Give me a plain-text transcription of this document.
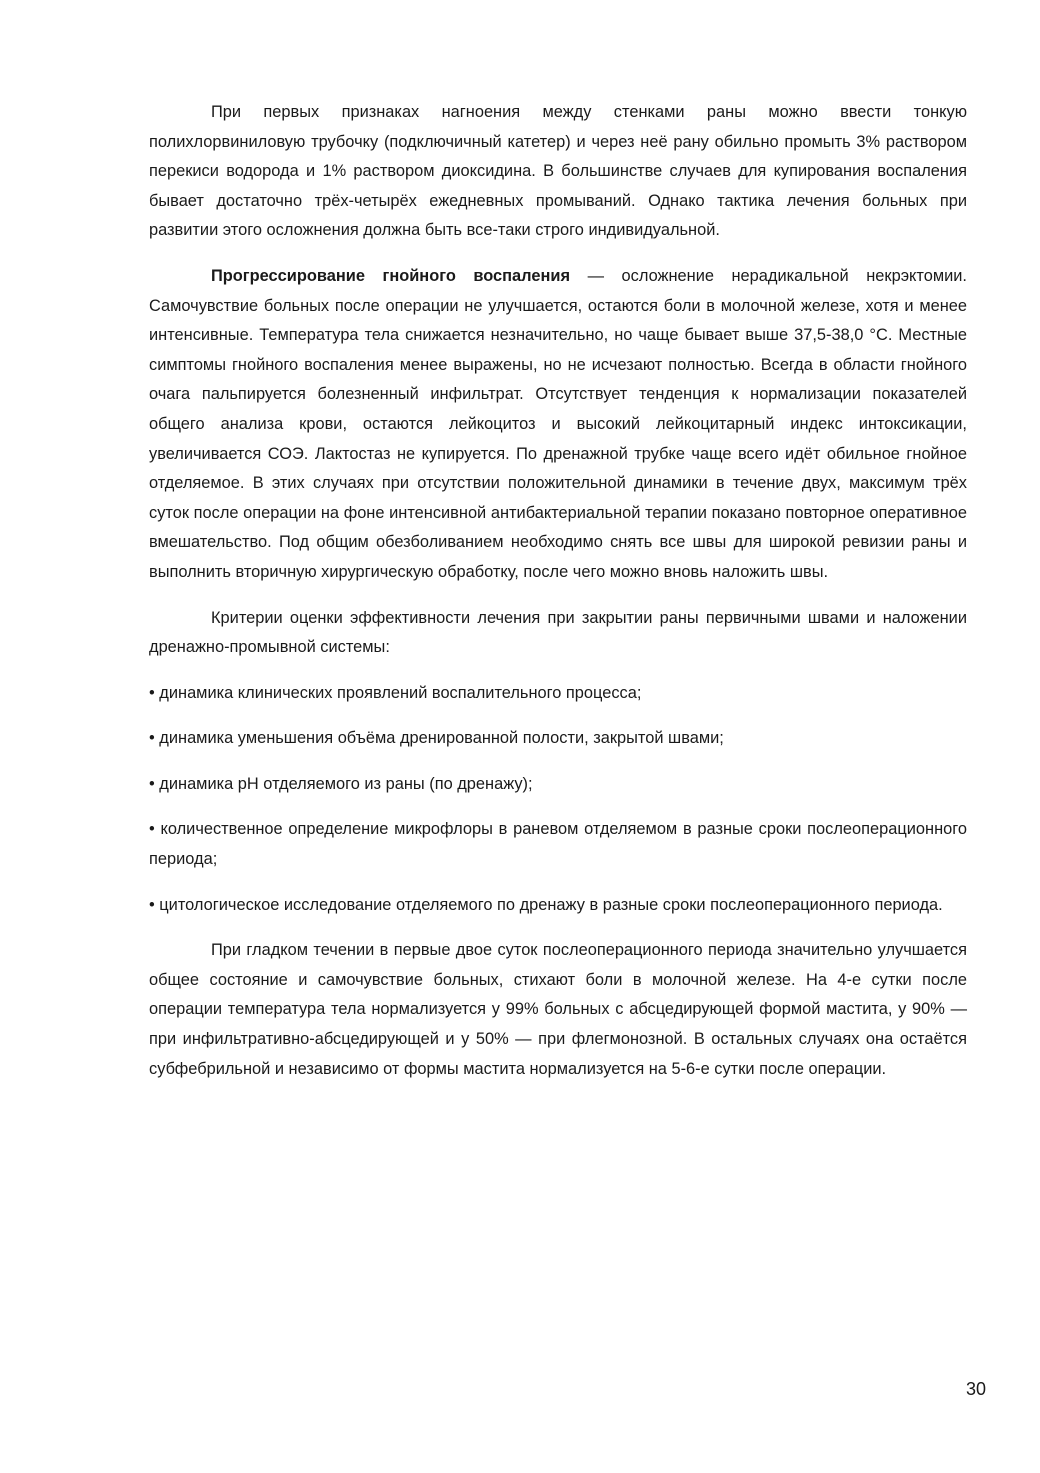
При первых признаках нагноения между стенками раны можно ввести тонкую полихлорвиниловую трубочку (подключичный катетер) и через неё рану обильно промыть 3% раствором перекиси водорода и 1% раствором диоксидина. В большинстве случаев для купирования воспаления бывает достаточно трёх-четырёх ежедневных промываний. Однако тактика лечения больных при развитии этого осложнения должна быть все-таки строго индивидуальной.

Прогрессирование гнойного воспаления — осложнение нерадикальной некрэктомии. Самочувствие больных после операции не улучшается, остаются боли в молочной железе, хотя и менее интенсивные. Температура тела снижается незначительно, но чаще бывает выше 37,5-38,0 °С. Местные симптомы гнойного воспаления менее выражены, но не исчезают полностью. Всегда в области гнойного очага пальпируется болезненный инфильтрат. Отсутствует тенденция к нормализации показателей общего анализа крови, остаются лейкоцитоз и высокий лейкоцитарный индекс интоксикации, увеличивается СОЭ. Лактостаз не купируется. По дренажной трубке чаще всего идёт обильное гнойное отделяемое. В этих случаях при отсутствии положительной динамики в течение двух, максимум трёх суток после операции на фоне интенсивной антибактериальной терапии показано повторное оперативное вмешательство. Под общим обезболиванием необходимо снять все швы для широкой ревизии раны и выполнить вторичную хирургическую обработку, после чего можно вновь наложить швы.

Критерии оценки эффективности лечения при закрытии раны первичными швами и наложении дренажно-промывной системы:

• динамика клинических проявлений воспалительного процесса;

• динамика уменьшения объёма дренированной полости, закрытой швами;

• динамика pH отделяемого из раны (по дренажу);

• количественное определение микрофлоры в раневом отделяемом в разные сроки послеоперационного периода;

• цитологическое исследование отделяемого по дренажу в разные сроки послеоперационного периода.

При гладком течении в первые двое суток послеоперационного периода значительно улучшается общее состояние и самочувствие больных, стихают боли в молочной железе. На 4-е сутки после операции температура тела нормализуется у 99% больных с абсцедирующей формой мастита, у 90% — при инфильтративно-абсцедирующей и у 50% — при флегмонозной. В остальных случаях она остаётся субфебрильной и независимо от формы мастита нормализуется на 5-6-е сутки после операции.

30
